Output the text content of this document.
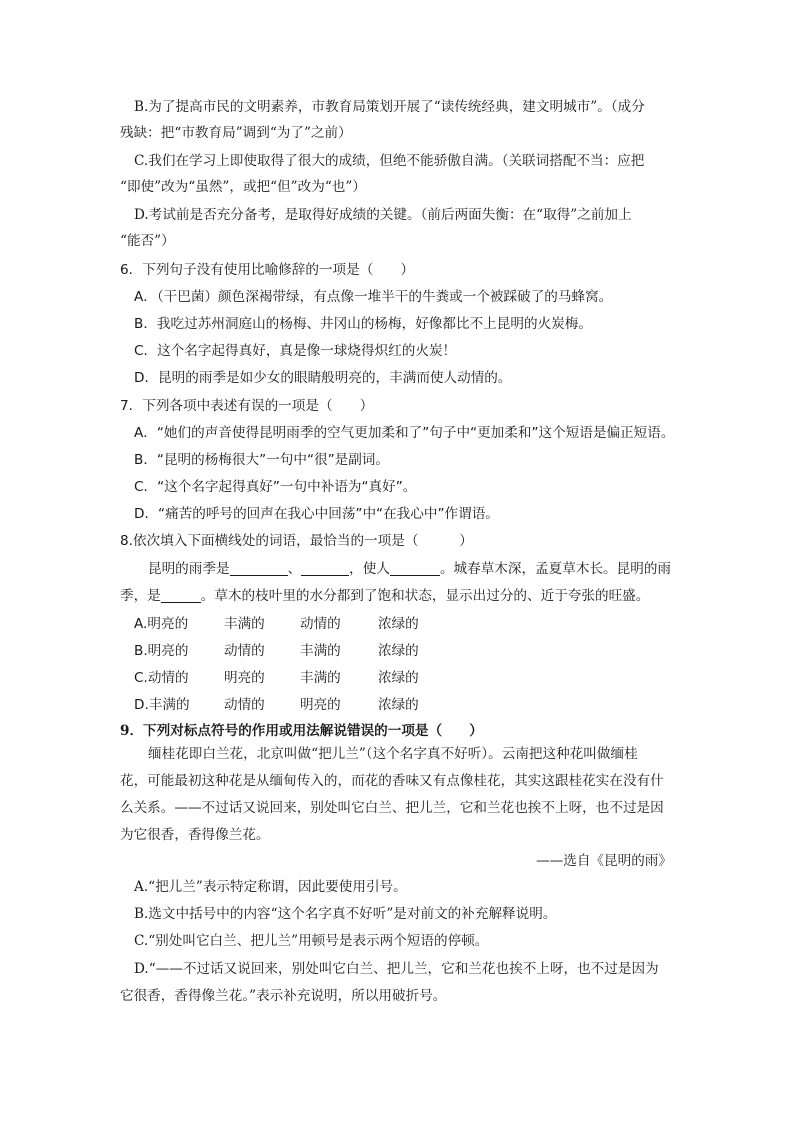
B.为了提高市民的文明素养，市教育局策划开展了“读传统经典，建文明城市”。（成分
残缺：把“市教育局”调到“为了”之前）
C.我们在学习上即使取得了很大的成绩，但绝不能骄傲自满。（关联词搭配不当：应把
“即使”改为“虽然”，或把“但”改为“也”）
D.考试前是否充分备考，是取得好成绩的关键。（前后两面失衡：在“取得”之前加上
“能否”）
6．下列句子没有使用比喻修辞的一项是（　　）
A．（干巴菌）颜色深褐带绿，有点像一堆半干的牛粪或一个被踩破了的马蜂窝。
B．我吃过苏州洞庭山的杨梅、井冈山的杨梅，好像都比不上昆明的火炭梅。
C．这个名字起得真好，真是像一球烧得炽红的火炭！
D．昆明的雨季是如少女的眼睛般明亮的，丰满而使人动情的。
7．下列各项中表述有误的一项是（　　）
A．“她们的声音使得昆明雨季的空气更加柔和了”句子中“更加柔和”这个短语是偏正短语。
B．“昆明的杨梅很大”一句中“很”是副词。
C．“这个名字起得真好”一句中补语为“真好”。
D．“痛苦的呼号的回声在我心中回荡”中“在我心中”作谓语。
8.依次填入下面横线处的词语，最恰当的一项是（　　　）
昆明的雨季是	、	，使人	。城春草木深，孟夏草木长。昆明的雨
季，是	。草木的枝叶里的水分都到了饱和状态，显示出过分的、近于夸张的旺盛。
A.明亮的	丰满的	动情的	浓绿的
B.明亮的	动情的	丰满的	浓绿的
C.动情的	明亮的	丰满的	浓绿的
D.丰满的	动情的	明亮的	浓绿的
9．下列对标点符号的作用或用法解说错误的一项是（　　）
缅桂花即白兰花，北京叫做“把儿兰”（这个名字真不好听）。云南把这种花叫做缅桂
花，可能最初这种花是从缅甸传入的，而花的香味又有点像桂花，其实这跟桂花实在没有什
么关系。——不过话又说回来，别处叫它白兰、把儿兰，它和兰花也挨不上呀，也不过是因
为它很香，香得像兰花。
——选自《昆明的雨》
A.“把儿兰”表示特定称谓，因此要使用引号。
B.选文中括号中的内容“这个名字真不好听”是对前文的补充解释说明。
C.“别处叫它白兰、把儿兰”用顿号是表示两个短语的停顿。
D.“——不过话又说回来，别处叫它白兰、把儿兰，它和兰花也挨不上呀，也不过是因为
它很香，香得像兰花。”表示补充说明，所以用破折号。
